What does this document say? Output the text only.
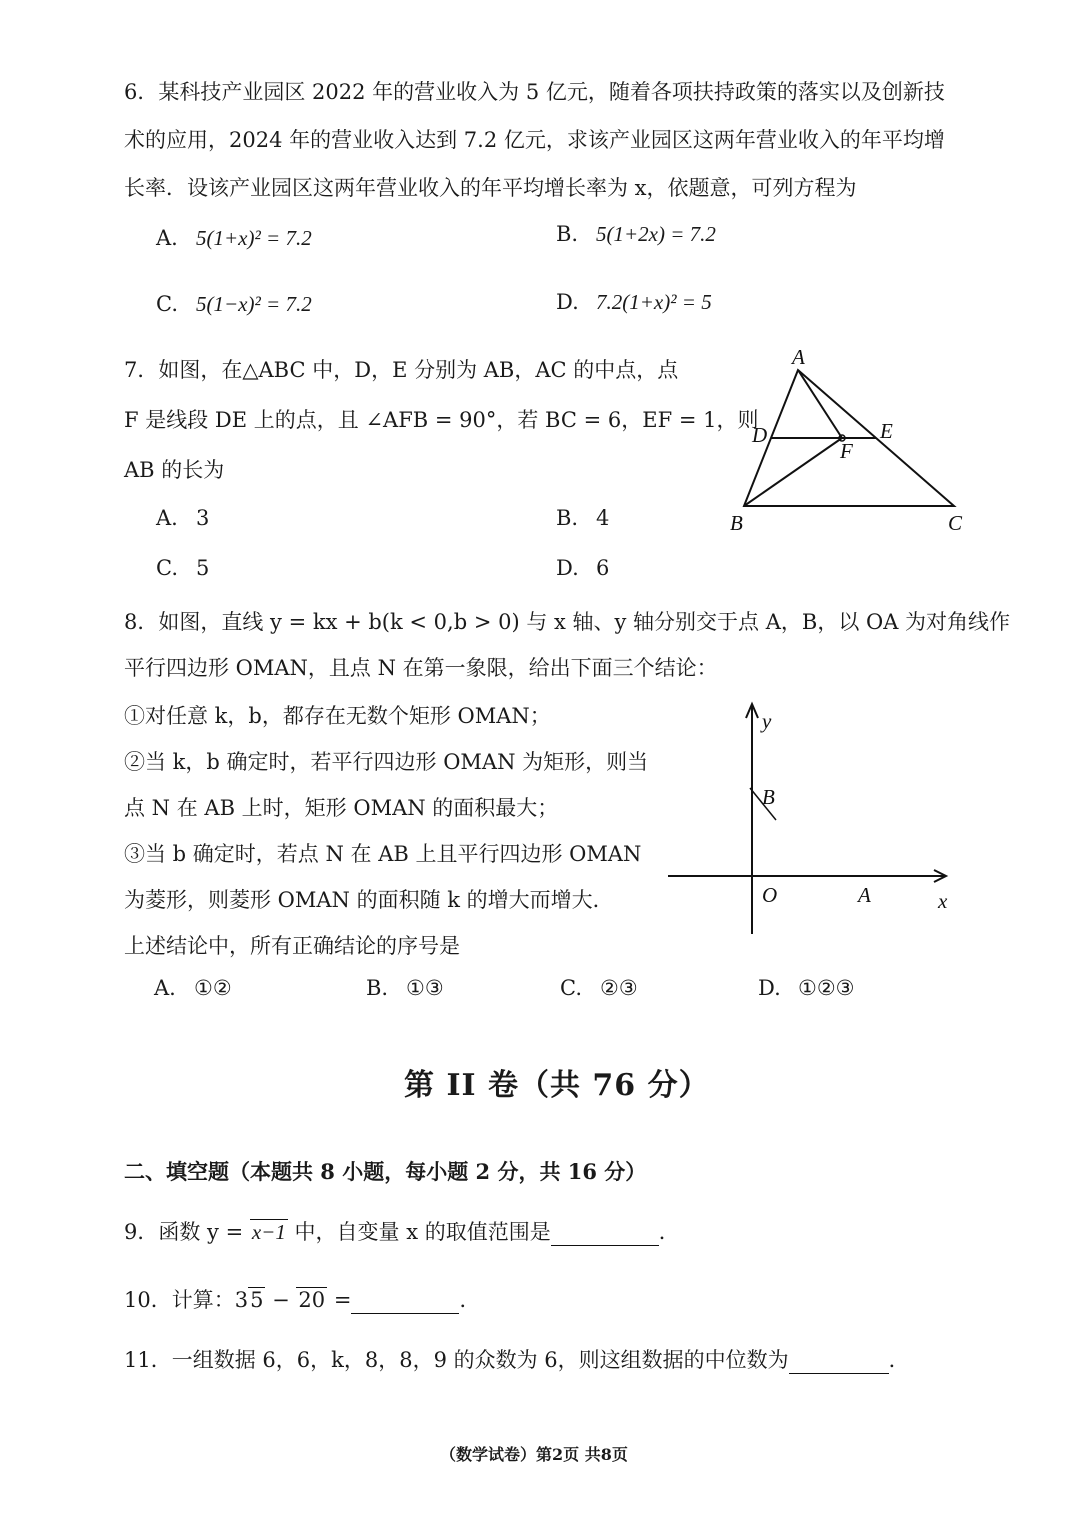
6．某科技产业园区 2022 年的营业收入为 5 亿元，随着各项扶持政策的落实以及创新技
术的应用，2024 年的营业收入达到 7.2 亿元，求该产业园区这两年营业收入的年平均增
长率．设该产业园区这两年营业收入的年平均增长率为 x，依题意，可列方程为
A. 5(1+x)² = 7.2	B. 5(1+2x) = 7.2
C. 5(1−x)² = 7.2	D. 7.2(1+x)² = 5
7．如图，在△ABC 中，D，E 分别为 AB，AC 的中点，点
F 是线段 DE 上的点，且 ∠AFB = 90°，若 BC = 6，EF = 1，则
AB 的长为
A. 3	B. 4
C. 5	D. 6
A
D	E
F
B	C
8．如图，直线 y = kx + b(k < 0,b > 0) 与 x 轴、y 轴分别交于点 A，B，以 OA 为对角线作
平行四边形 OMAN，且点 N 在第一象限，给出下面三个结论：
①对任意 k，b，都存在无数个矩形 OMAN；
②当 k，b 确定时，若平行四边形 OMAN 为矩形，则当
点 N 在 AB 上时，矩形 OMAN 的面积最大；
③当 b 确定时，若点 N 在 AB 上且平行四边形 OMAN
为菱形，则菱形 OMAN 的面积随 k 的增大而增大．
上述结论中，所有正确结论的序号是
A. ①②	B. ①③	C. ②③	D. ①②③
y
B
O	A	x
第 II 卷（共 76 分）
二、填空题（本题共 8 小题，每小题 2 分，共 16 分）
9．函数 y = x−1 中，自变量 x 的取值范围是	．
10．计算：35 − 20 =	．
11．一组数据 6，6，k，8，8，9 的众数为 6，则这组数据的中位数为	．
（数学试卷）第2页 共8页
